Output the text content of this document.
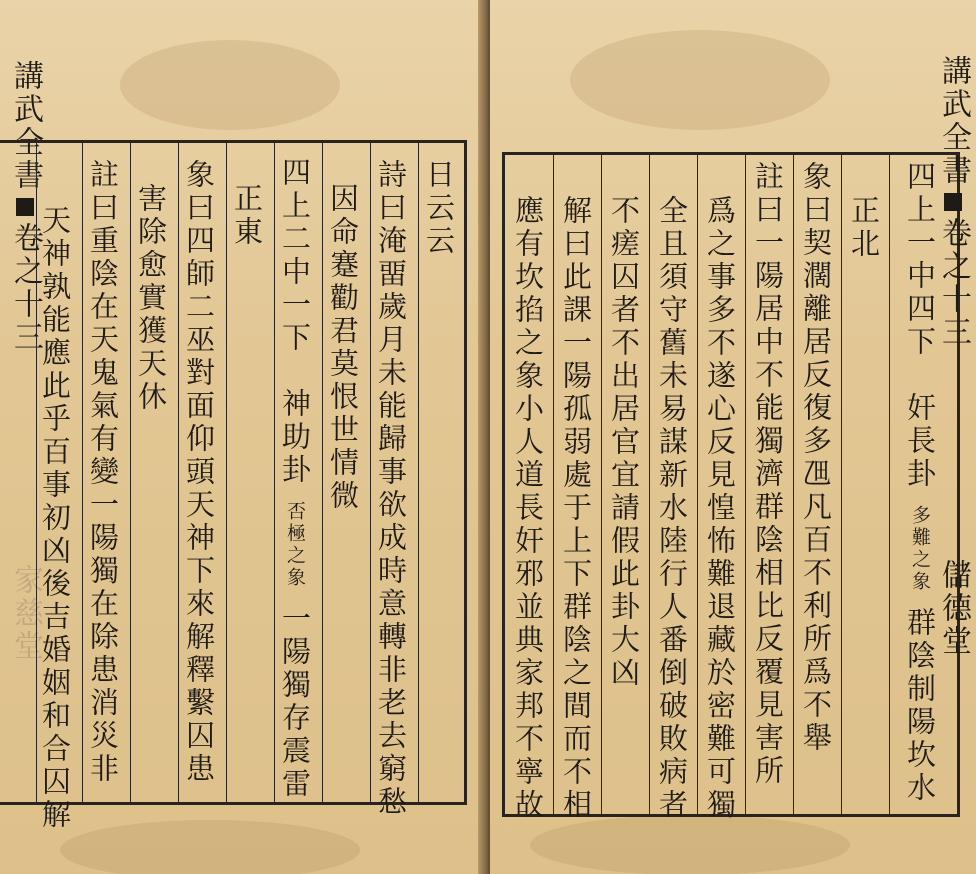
講武全書卷之十三家慈堂
天神孰能應此乎百事初凶後吉婚姻和合囚解 註曰重陰在天鬼氣有變一陽獨在除患消災非 害除愈實獲天休 象曰四師二巫對面仰頭天神下來解釋繫囚患 正東 四上二中一下　神助卦否極之象一陽獨存震雷
因命蹇勸君莫恨世情微 詩曰淹畱歲月未能歸事欲成時意轉非老去窮愁 日云云	四上一中四下　奸長卦多難之象群陰制陽坎水
正北
象曰契濶離居反復多乪凡百不利所爲不舉
註曰一陽居中不能獨濟群陰相比反覆見害所
爲之事多不遂心反見惶怖難退藏於密難可獨
全且須守舊未易謀新水陸行人番倒破敗病者
不瘥囚者不出居官宜請假此卦大凶
解曰此課一陽孤弱處于上下群陰之間而不相
應有坎掐之象小人道長奸邪並典家邦不寧故
講武全書卷之十三儲德堂
